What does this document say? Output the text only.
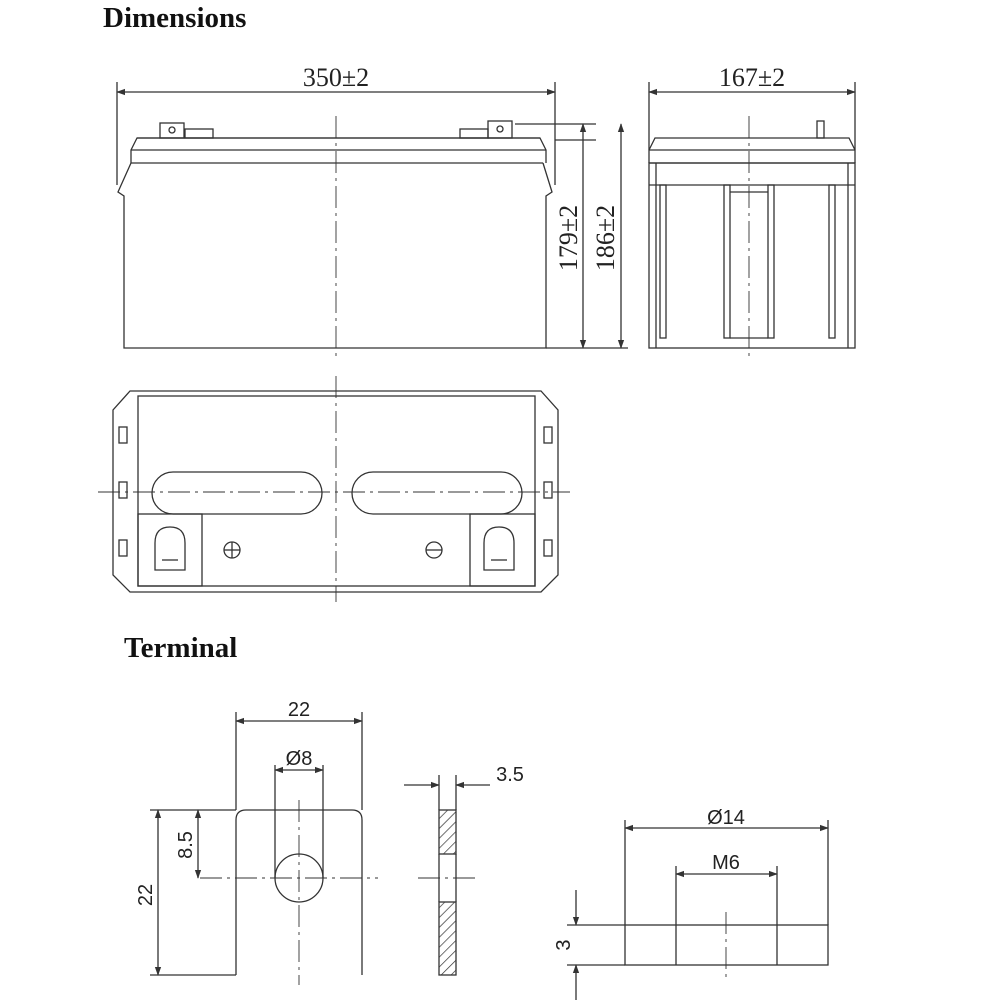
Dimensions
Terminal
350±2	167±2
179±2 186±2
22
Ø8
8.5
22
3.5
Ø14
M6
3
